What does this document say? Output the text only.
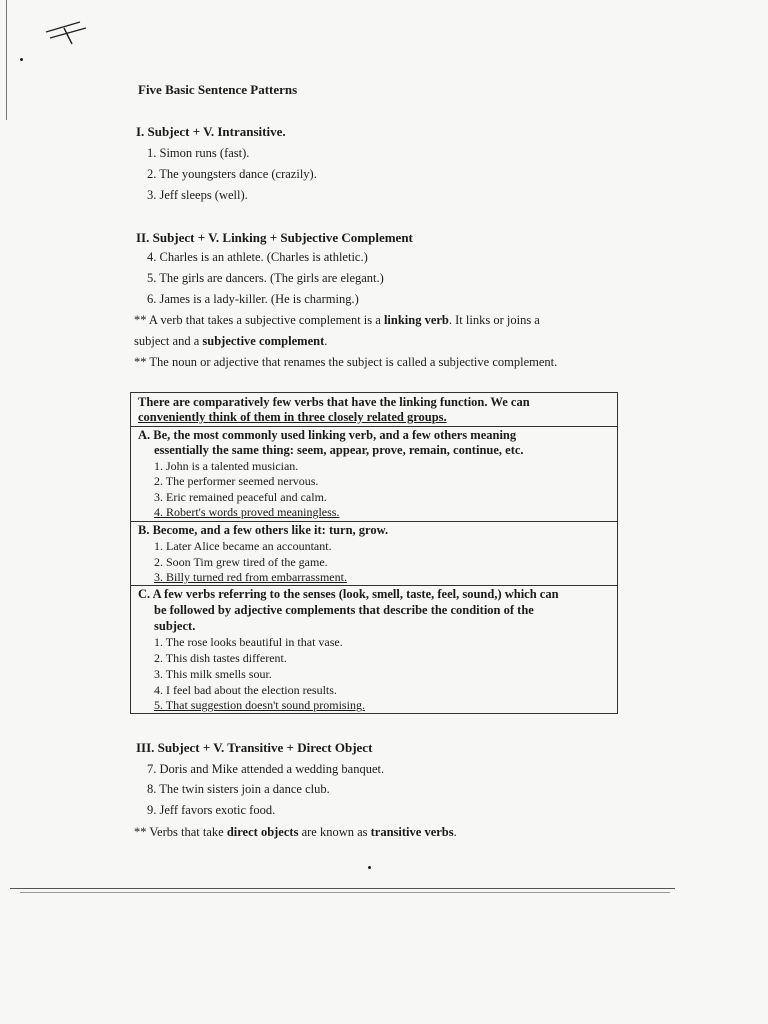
Five Basic Sentence Patterns
I. Subject + V. Intransitive.
1. Simon runs (fast).
2. The youngsters dance (crazily).
3. Jeff sleeps (well).
II. Subject + V. Linking + Subjective Complement
4. Charles is an athlete. (Charles is athletic.)
5. The girls are dancers. (The girls are elegant.)
6. James is a lady-killer. (He is charming.)
** A verb that takes a subjective complement is a linking verb. It links or joins a
subject and a subjective complement.
** The noun or adjective that renames the subject is called a subjective complement.
There are comparatively few verbs that have the linking function. We can
conveniently think of them in three closely related groups.
A. Be, the most commonly used linking verb, and a few others meaning
essentially the same thing: seem, appear, prove, remain, continue, etc.
1. John is a talented musician.
2. The performer seemed nervous.
3. Eric remained peaceful and calm.
4. Robert's words proved meaningless.
B. Become, and a few others like it: turn, grow.
1. Later Alice became an accountant.
2. Soon Tim grew tired of the game.
3. Billy turned red from embarrassment.
C. A few verbs referring to the senses (look, smell, taste, feel, sound,) which can
be followed by adjective complements that describe the condition of the
subject.
1. The rose looks beautiful in that vase.
2. This dish tastes different.
3. This milk smells sour.
4. I feel bad about the election results.
5. That suggestion doesn't sound promising.
III. Subject + V. Transitive + Direct Object
7. Doris and Mike attended a wedding banquet.
8. The twin sisters join a dance club.
9. Jeff favors exotic food.
** Verbs that take direct objects are known as transitive verbs.
